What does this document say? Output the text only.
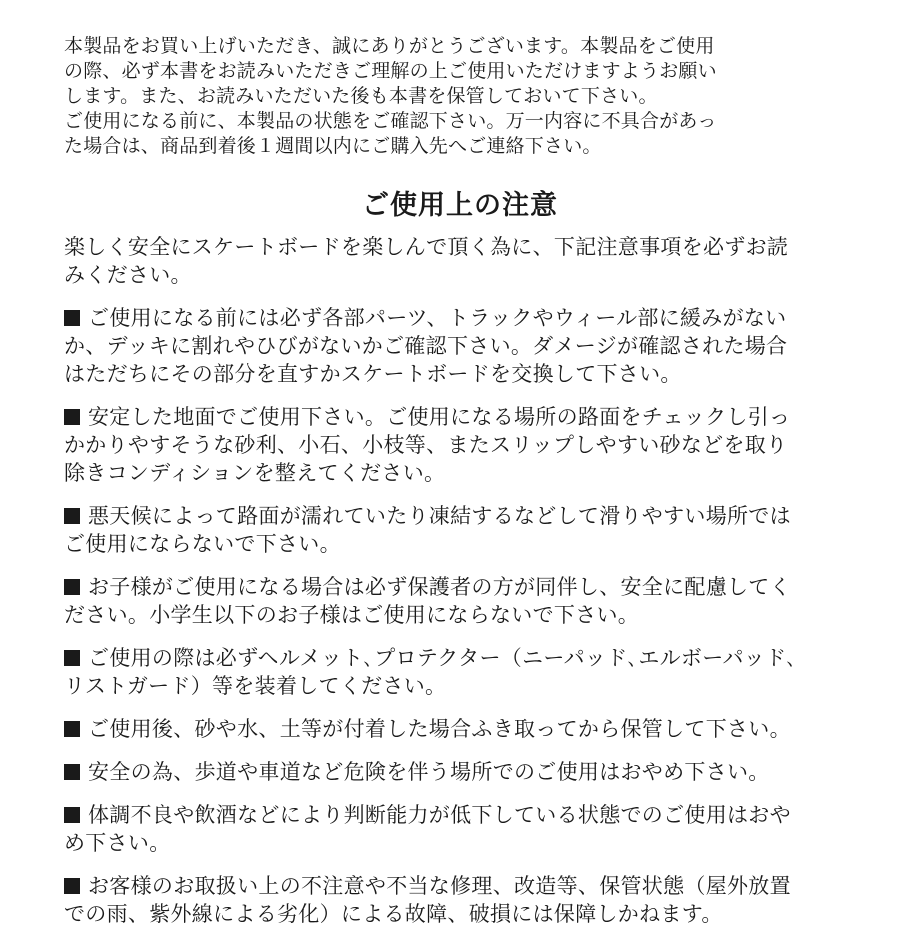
本製品をお買い上げいただき、誠にありがとうございます。本製品をご使用
の際、必ず本書をお読みいただきご理解の上ご使用いただけますようお願い
します。また、お読みいただいた後も本書を保管しておいて下さい。
ご使用になる前に、本製品の状態をご確認下さい。万一内容に不具合があっ
た場合は、商品到着後１週間以内にご購入先へご連絡下さい。
ご使用上の注意
楽しく安全にスケートボードを楽しんで頂く為に、下記注意事項を必ずお読
みください。
ご使用になる前には必ず各部パーツ、トラックやウィール部に緩みがない
か、デッキに割れやひびがないかご確認下さい。ダメージが確認された場合
はただちにその部分を直すかスケートボードを交換して下さい。
安定した地面でご使用下さい。ご使用になる場所の路面をチェックし引っ
かかりやすそうな砂利、小石、小枝等、またスリップしやすい砂などを取り
除きコンディションを整えてください。
悪天候によって路面が濡れていたり凍結するなどして滑りやすい場所では
ご使用にならないで下さい。
お子様がご使用になる場合は必ず保護者の方が同伴し、安全に配慮してく
ださい。小学生以下のお子様はご使用にならないで下さい。
ご使用の際は必ずヘルメット､プロテクター（ニーパッド､エルボーパッド､
リストガード）等を装着してください。
ご使用後、砂や水、土等が付着した場合ふき取ってから保管して下さい。
安全の為、歩道や車道など危険を伴う場所でのご使用はおやめ下さい。
体調不良や飲酒などにより判断能力が低下している状態でのご使用はおや
め下さい。
お客様のお取扱い上の不注意や不当な修理、改造等、保管状態（屋外放置
での雨、紫外線による劣化）による故障、破損には保障しかねます。
